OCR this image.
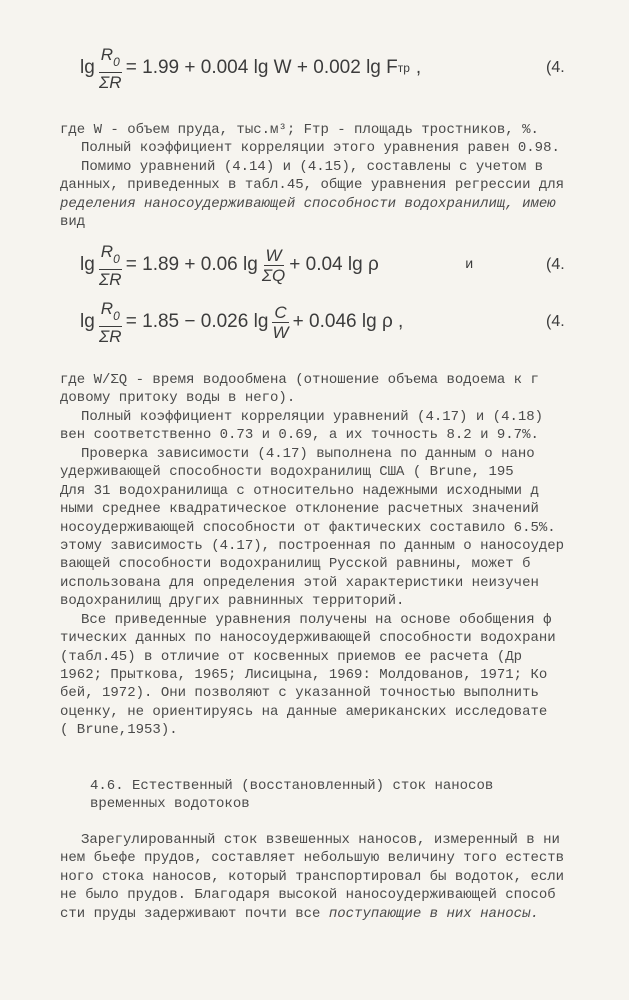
$\lg \frac{R_0}{\Sigma R} = 1.99 + 0.004$ lg W + 0.002 lg F тр ,	(4.
где W - объем пруда, тыс.м³; Fтр - площадь тростников, %.
Полный коэффициент корреляции этого уравнения равен 0.98.
Помимо уравнений (4.14) и (4.15), составлены с учетом в
данных, приведенных в табл.45, общие уравнения регрессии для
ределения наносоудерживающей способности водохранилищ, имею
вид
$\lg \frac{R_0}{\Sigma R} = 1.89 + 0.06$ $\lg \frac{W}{\Sigma Q} + 0.04$ lg ρ	и	(4.
$\lg \frac{R_0}{\Sigma R} = 1.85 - 0.026$ $\lg \frac{C}{W} + 0.046$ lg ρ ,	(4.
где W/ΣQ - время водообмена (отношение объема водоема к г
довому притоку воды в него).
Полный коэффициент корреляции уравнений (4.17) и (4.18)
вен соответственно 0.73 и 0.69, а их точность 8.2 и 9.7%.
Проверка зависимости (4.17) выполнена по данным о нано
удерживающей способности водохранилищ США ( Brune, 195
Для 31 водохранилища с относительно надежными исходными д
ными среднее квадратическое отклонение расчетных значений
носоудерживающей способности от фактических составило 6.5%.
этому зависимость (4.17), построенная по данным о наносоудер
вающей способности водохранилищ Русской равнины, может б
использована для определения этой характеристики неизучен
водохранилищ других равнинных территорий.
Все приведенные уравнения получены на основе обобщения ф
тических данных по наносоудерживающей способности водохрани
(табл.45) в отличие от косвенных приемов ее расчета (Др
1962; Прыткова, 1965; Лисицына, 1969: Молдованов, 1971; Ко
бей, 1972). Они позволяют с указанной точностью выполнить
оценку, не ориентируясь на данные американских исследовате
( Brune,1953).
4.6. Естественный (восстановленный) сток наносов
временных водотоков
Зарегулированный сток взвешенных наносов, измеренный в ни
нем бьефе прудов, составляет небольшую величину того естеств
ного стока наносов, который транспортировал бы водоток, если
не было прудов. Благодаря высокой наносоудерживающей способ
сти пруды задерживают почти все поступающие в них наносы.
